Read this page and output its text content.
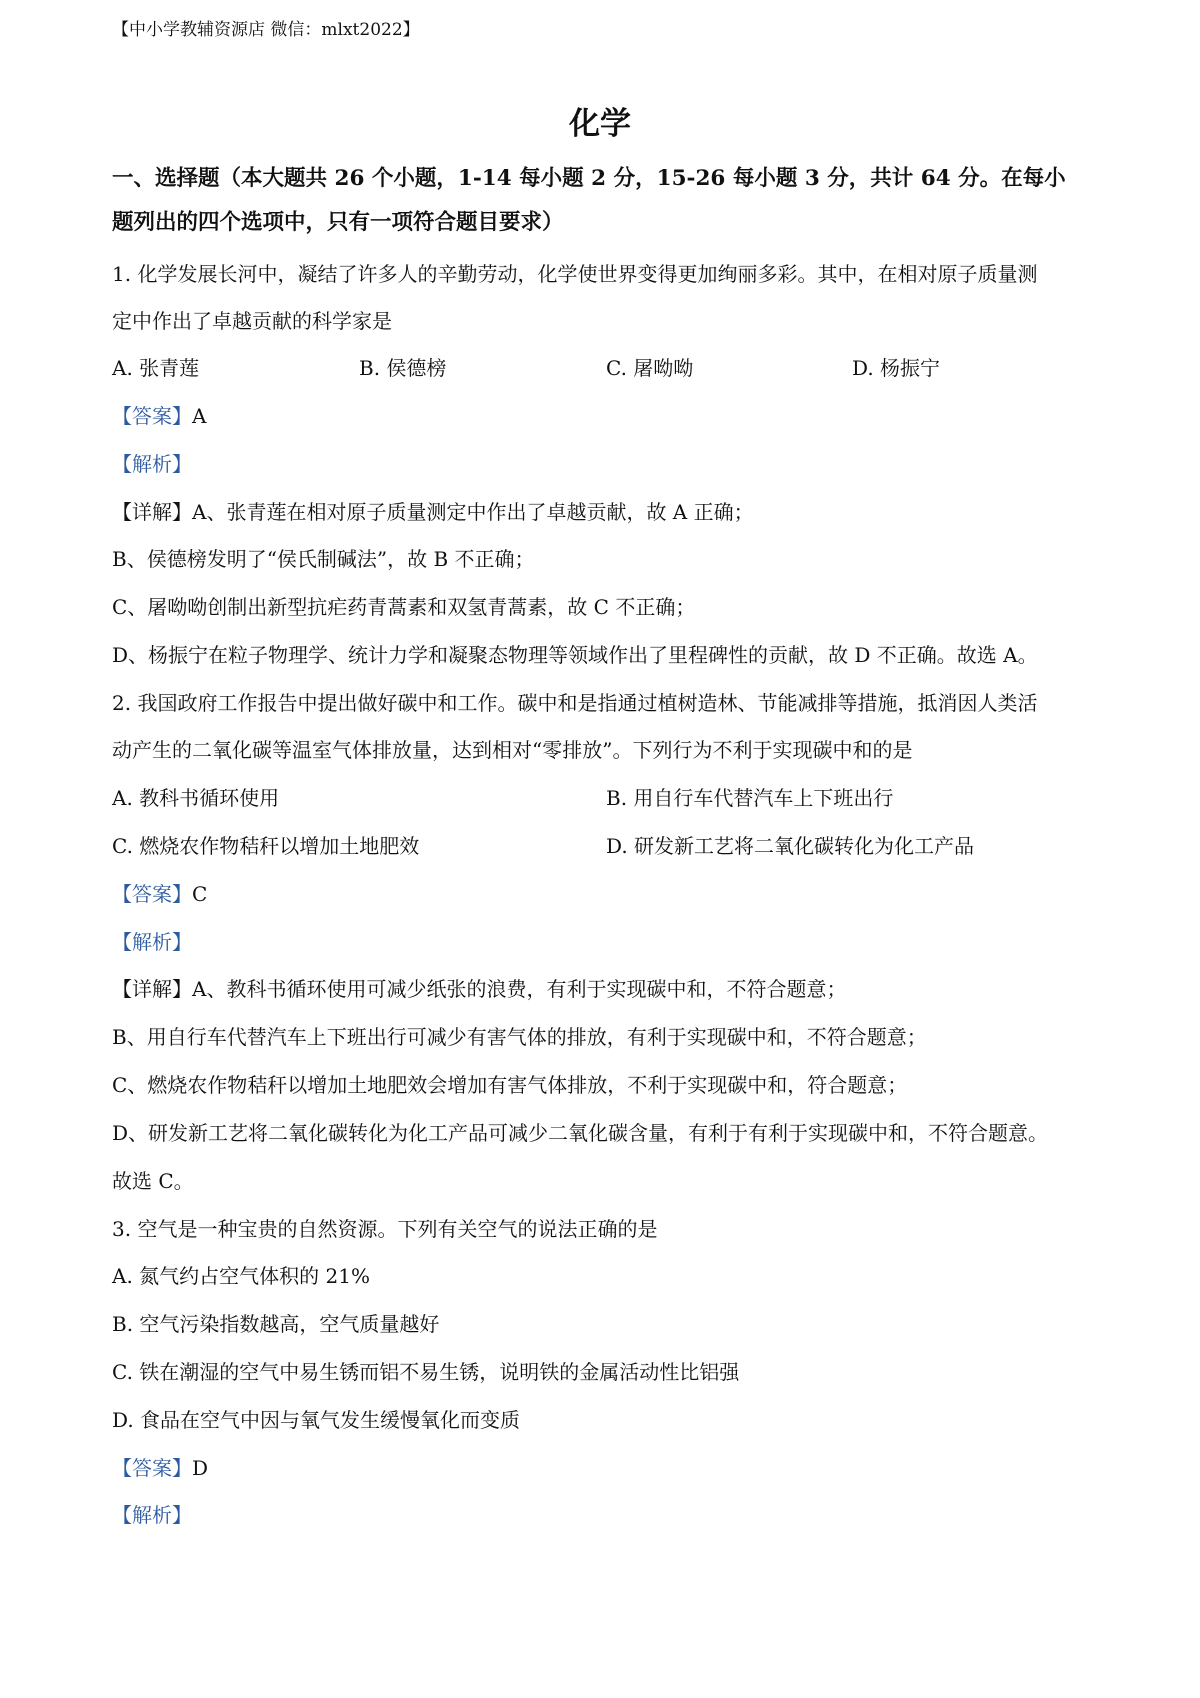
【中小学教辅资源店 微信：mlxt2022】
化学
一、选择题（本大题共 26 个小题，1-14 每小题 2 分，15-26 每小题 3 分，共计 64 分。在每小
题列出的四个选项中，只有一项符合题目要求）
1. 化学发展长河中，凝结了许多人的辛勤劳动，化学使世界变得更加绚丽多彩。其中，在相对原子质量测
定中作出了卓越贡献的科学家是
A. 张青莲	B. 侯德榜	C. 屠呦呦	D. 杨振宁
【答案】A
【解析】
【详解】A、张青莲在相对原子质量测定中作出了卓越贡献，故 A 正确；
B、侯德榜发明了“侯氏制碱法”，故 B 不正确；
C、屠呦呦创制出新型抗疟药青蒿素和双氢青蒿素，故 C 不正确；
D、杨振宁在粒子物理学、统计力学和凝聚态物理等领域作出了里程碑性的贡献，故 D 不正确。故选 A。
2. 我国政府工作报告中提出做好碳中和工作。碳中和是指通过植树造林、节能减排等措施，抵消因人类活
动产生的二氧化碳等温室气体排放量，达到相对“零排放”。下列行为不利于实现碳中和的是
A. 教科书循环使用	B. 用自行车代替汽车上下班出行
C. 燃烧农作物秸秆以增加土地肥效	D. 研发新工艺将二氧化碳转化为化工产品
【答案】C
【解析】
【详解】A、教科书循环使用可减少纸张的浪费，有利于实现碳中和，不符合题意；
B、用自行车代替汽车上下班出行可减少有害气体的排放，有利于实现碳中和，不符合题意；
C、燃烧农作物秸秆以增加土地肥效会增加有害气体排放，不利于实现碳中和，符合题意；
D、研发新工艺将二氧化碳转化为化工产品可减少二氧化碳含量，有利于有利于实现碳中和，不符合题意。
故选 C。
3. 空气是一种宝贵的自然资源。下列有关空气的说法正确的是
A. 氮气约占空气体积的 21%
B. 空气污染指数越高，空气质量越好
C. 铁在潮湿的空气中易生锈而铝不易生锈，说明铁的金属活动性比铝强
D. 食品在空气中因与氧气发生缓慢氧化而变质
【答案】D
【解析】
